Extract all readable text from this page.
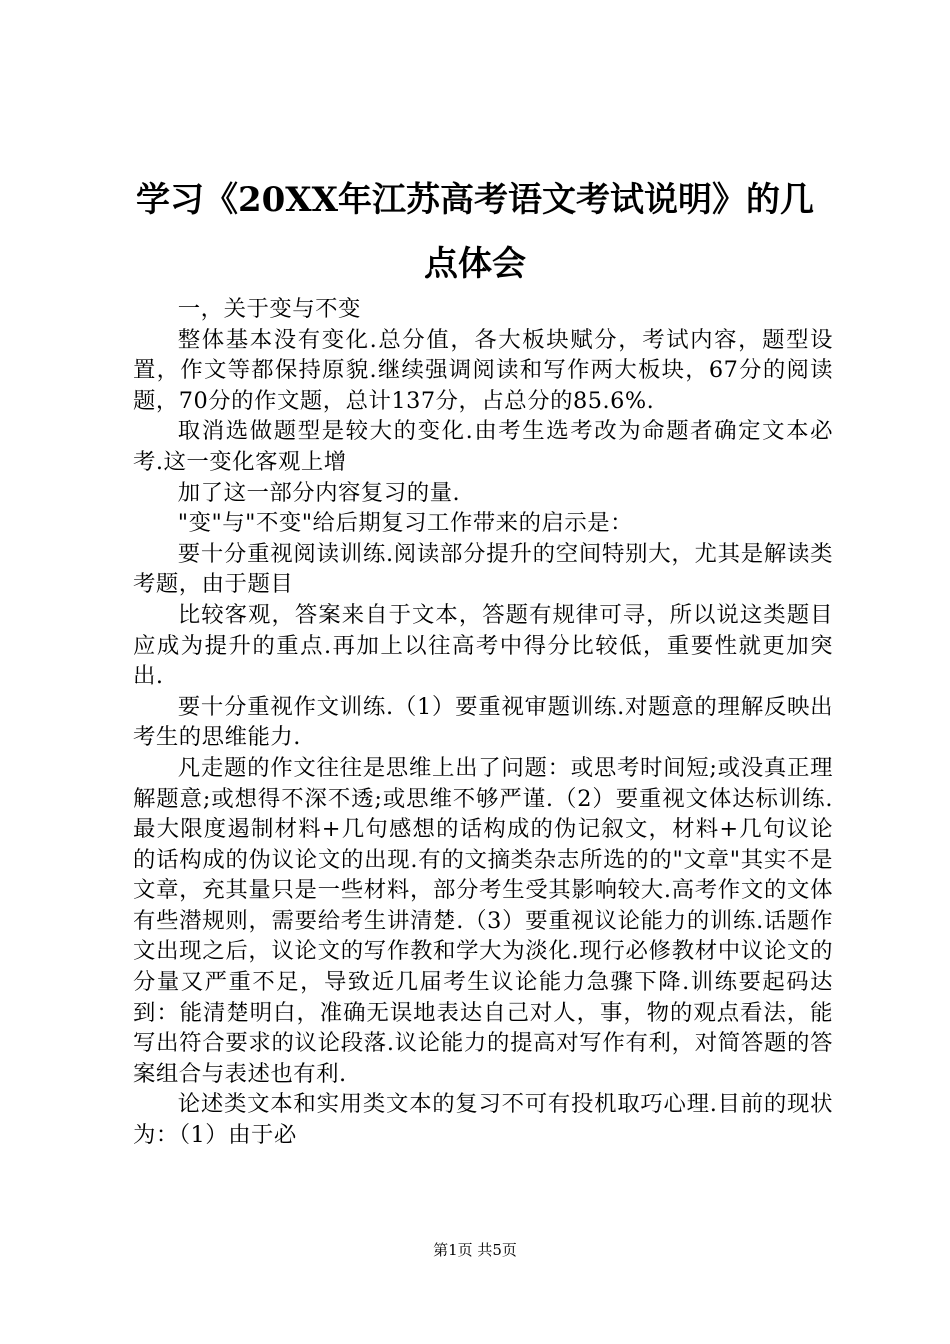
学习《20XX年江苏高考语文考试说明》的几点体会

一，关于变与不变

整体基本没有变化.总分值，各大板块赋分，考试内容，题型设置，作文等都保持原貌.继续强调阅读和写作两大板块，67分的阅读题，70分的作文题，总计137分，占总分的85.6%.

取消选做题型是较大的变化.由考生选考改为命题者确定文本必考.这一变化客观上增

加了这一部分内容复习的量.

"变"与"不变"给后期复习工作带来的启示是：

要十分重视阅读训练.阅读部分提升的空间特别大，尤其是解读类考题，由于题目

比较客观，答案来自于文本，答题有规律可寻，所以说这类题目应成为提升的重点.再加上以往高考中得分比较低，重要性就更加突出.

要十分重视作文训练.（1）要重视审题训练.对题意的理解反映出考生的思维能力.

凡走题的作文往往是思维上出了问题：或思考时间短;或没真正理解题意;或想得不深不透;或思维不够严谨.（2）要重视文体达标训练.最大限度遏制材料+几句感想的话构成的伪记叙文，材料+几句议论的话构成的伪议论文的出现.有的文摘类杂志所选的的"文章"其实不是文章，充其量只是一些材料，部分考生受其影响较大.高考作文的文体有些潜规则，需要给考生讲清楚.（3）要重视议论能力的训练.话题作文出现之后，议论文的写作教和学大为淡化.现行必修教材中议论文的分量又严重不足，导致近几届考生议论能力急骤下降.训练要起码达到：能清楚明白，准确无误地表达自己对人，事，物的观点看法，能写出符合要求的议论段落.议论能力的提高对写作有利，对简答题的答案组合与表述也有利.

论述类文本和实用类文本的复习不可有投机取巧心理.目前的现状为：（1）由于必

第1页 共5页
